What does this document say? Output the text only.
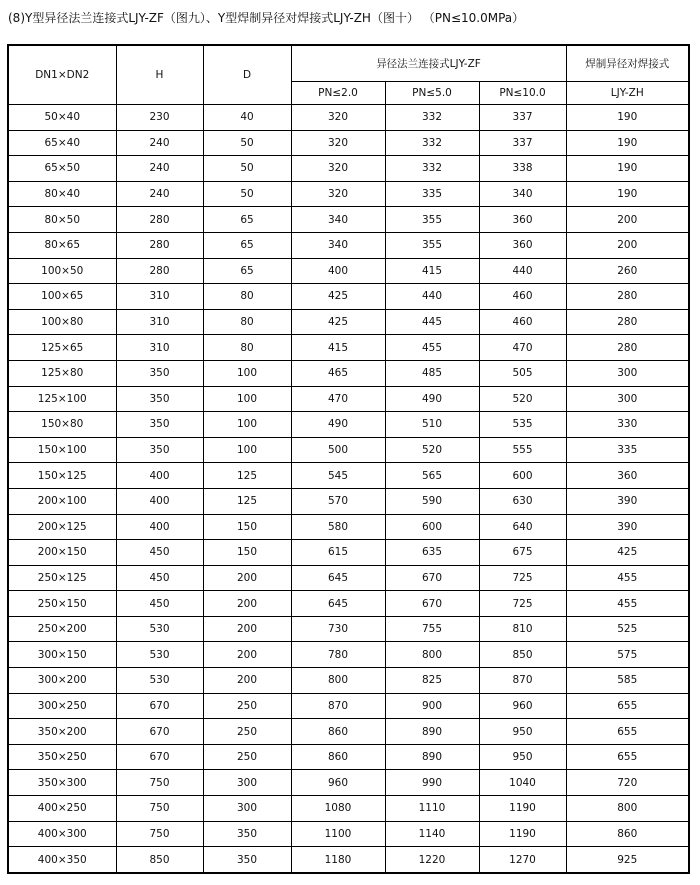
(8)Y型异径法兰连接式LJY-ZF（图九）、Y型焊制异径对焊接式LJY-ZH（图十） （PN≤10.0MPa）
DN1×DN2	H	D	异径法兰连接式LJY-ZF			焊制异径对焊接式
			PN≤2.0	PN≤5.0	PN≤10.0	LJY-ZH
50×40	230	40	320	332	337	190
65×40	240	50	320	332	337	190
65×50	240	50	320	332	338	190
80×40	240	50	320	335	340	190
80×50	280	65	340	355	360	200
80×65	280	65	340	355	360	200
100×50	280	65	400	415	440	260
100×65	310	80	425	440	460	280
100×80	310	80	425	445	460	280
125×65	310	80	415	455	470	280
125×80	350	100	465	485	505	300
125×100	350	100	470	490	520	300
150×80	350	100	490	510	535	330
150×100	350	100	500	520	555	335
150×125	400	125	545	565	600	360
200×100	400	125	570	590	630	390
200×125	400	150	580	600	640	390
200×150	450	150	615	635	675	425
250×125	450	200	645	670	725	455
250×150	450	200	645	670	725	455
250×200	530	200	730	755	810	525
300×150	530	200	780	800	850	575
300×200	530	200	800	825	870	585
300×250	670	250	870	900	960	655
350×200	670	250	860	890	950	655
350×250	670	250	860	890	950	655
350×300	750	300	960	990	1040	720
400×250	750	300	1080	1110	1190	800
400×300	750	350	1100	1140	1190	860
400×350	850	350	1180	1220	1270	925
